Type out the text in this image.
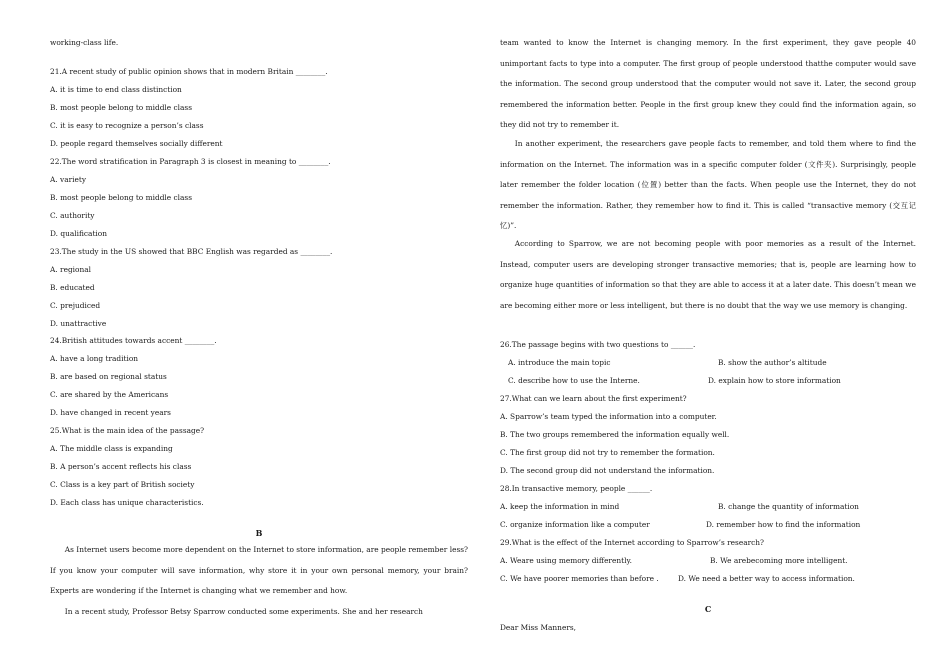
working-class life.
21.A recent study of public opinion shows that in modern Britain ________.
A. it is time to end class distinction
B. most people belong to middle class
C. it is easy to recognize a person’s class
D. people regard themselves socially different
22.The word stratification in Paragraph 3 is closest in meaning to ________.
A. variety
B. most people belong to middle class
C. authority
D. qualification
23.The study in the US showed that BBC English was regarded as ________.
A. regional
B. educated
C. prejudiced
D. unattractive
24.British attitudes towards accent ________.
A. have a long tradition
B. are based on regional status
C. are shared by the Americans
D. have changed in recent years
25.What is the main idea of the passage?
A. The middle class is expanding
B. A person’s accent reflects his class
C. Class is a key part of British society
D. Each class has unique characteristics.
B
As Internet users become more dependent on the Internet to store information, are people remember less? If you know your computer will save information, why store it in your own personal memory, your brain? Experts are wondering if the Internet is changing what we remember and how.
In a recent study, Professor Betsy Sparrow conducted some experiments. She and her research
team wanted to know the Internet is changing memory. In the first experiment, they gave people 40 unimportant facts to type into a computer. The first group of people understood thatthe computer would save the information. The second group understood that the computer would not save it. Later, the second group remembered the information better. People in the first group knew they could find the information again, so they did not try to remember it.
In another experiment, the researchers gave people facts to remember, and told them where to find the information on the Internet. The information was in a specific computer folder (文件夹). Surprisingly, people later remember the folder location (位置) better than the facts. When people use the Internet, they do not remember the information. Rather, they remember how to find it. This is called “transactive memory (交互记忆)”.
According to Sparrow, we are not becoming people with poor memories as a result of the Internet. Instead, computer users are developing stronger transactive memories; that is, people are learning how to organize huge quantities of information so that they are able to access it at a later date. This doesn’t mean we are becoming either more or less intelligent, but there is no doubt that the way we use memory is changing.
26.The passage begins with two questions to ______.
A. introduce the main topic	B. show the author’s altitude
C. describe how to use the Interne.	D. explain how to store information
27.What can we learn about the first experiment?
A. Sparrow’s team typed the information into a computer.
B. The two groups remembered the information equally well.
C. The first group did not try to remember the formation.
D. The second group did not understand the information.
28.In transactive memory, people ______.
A. keep the information in mind	B. change the quantity of information
C. organize information like a computer	D. remember how to find the information
29.What is the effect of the Internet according to Sparrow’s research?
A. Weare using memory differently.	B. We arebecoming more intelligent.
C. We have poorer memories than before .	D. We need a better way to access information.
C
Dear Miss Manners,
